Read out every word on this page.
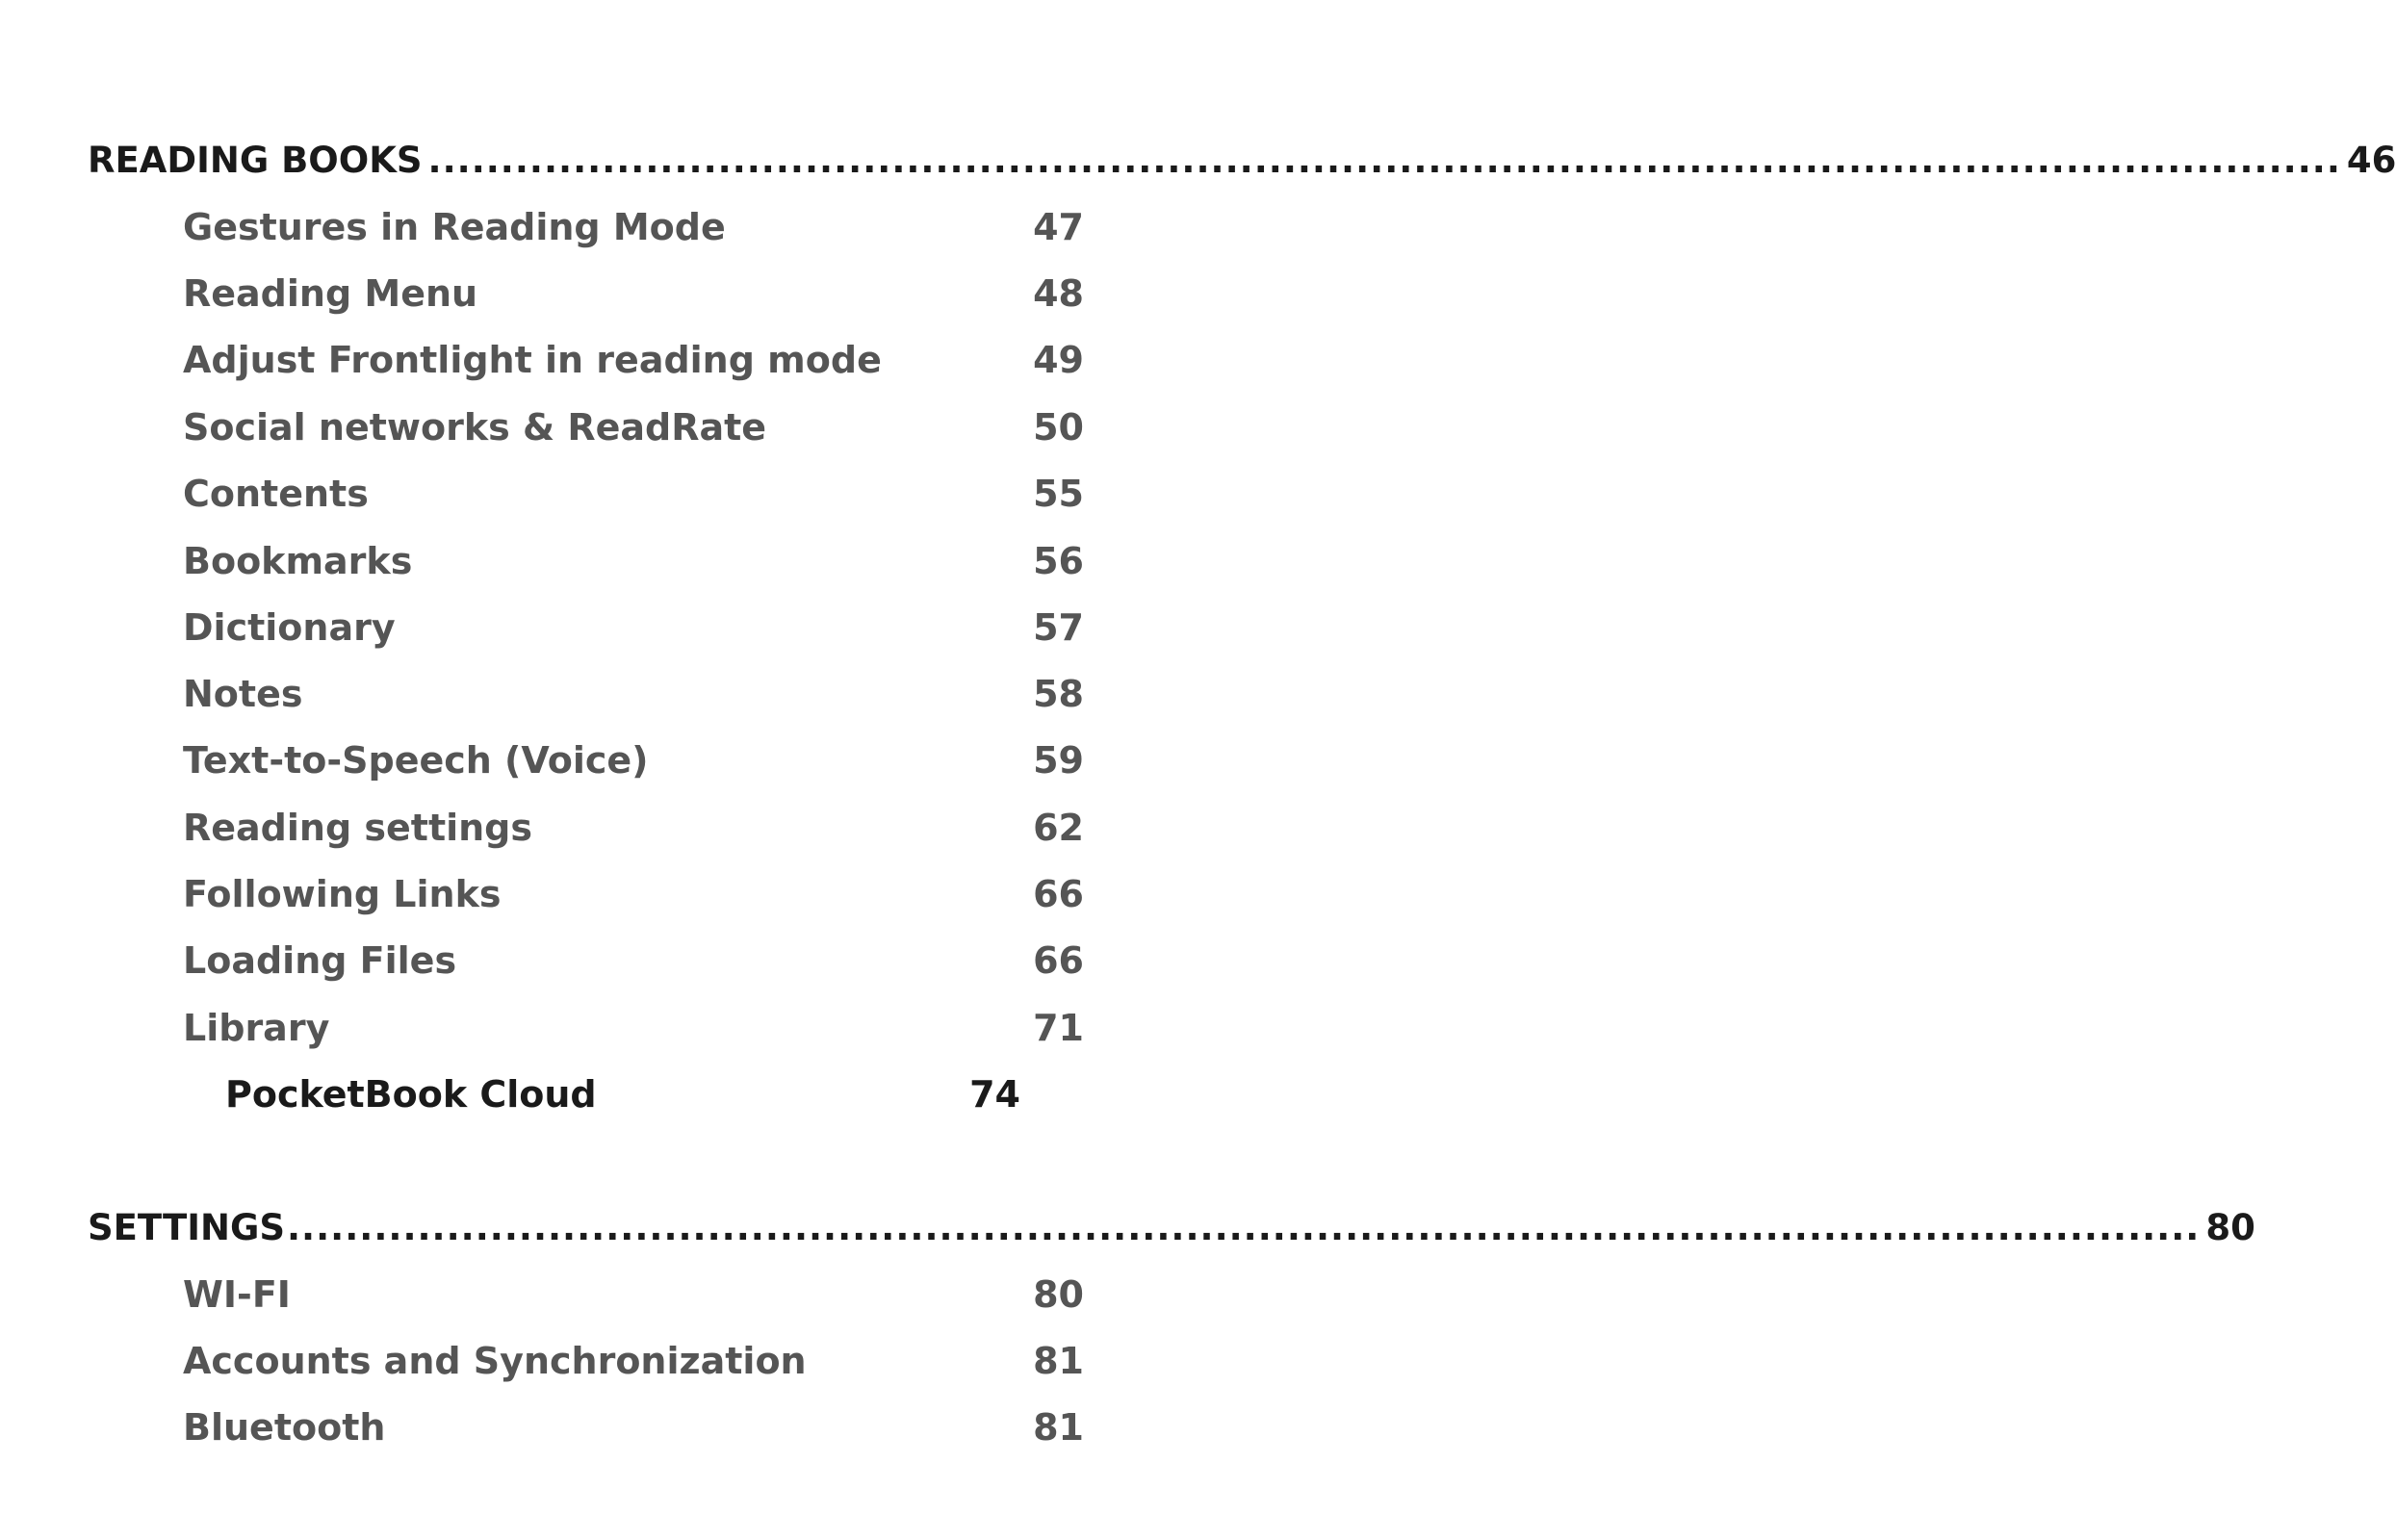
READING BOOKS .................................................................................................................................... 46
Gestures in Reading Mode	47
Reading Menu	48
Adjust Frontlight in reading mode	49
Social networks & ReadRate	50
Contents	55
Bookmarks	56
Dictionary	57
Notes	58
Text-to-Speech (Voice)	59
Reading settings	62
Following Links	66
Loading Files	66
Library	71
PocketBook Cloud	74
SETTINGS .................................................................................................................................... 80
WI-FI	80
Accounts and Synchronization	81
Bluetooth	81
